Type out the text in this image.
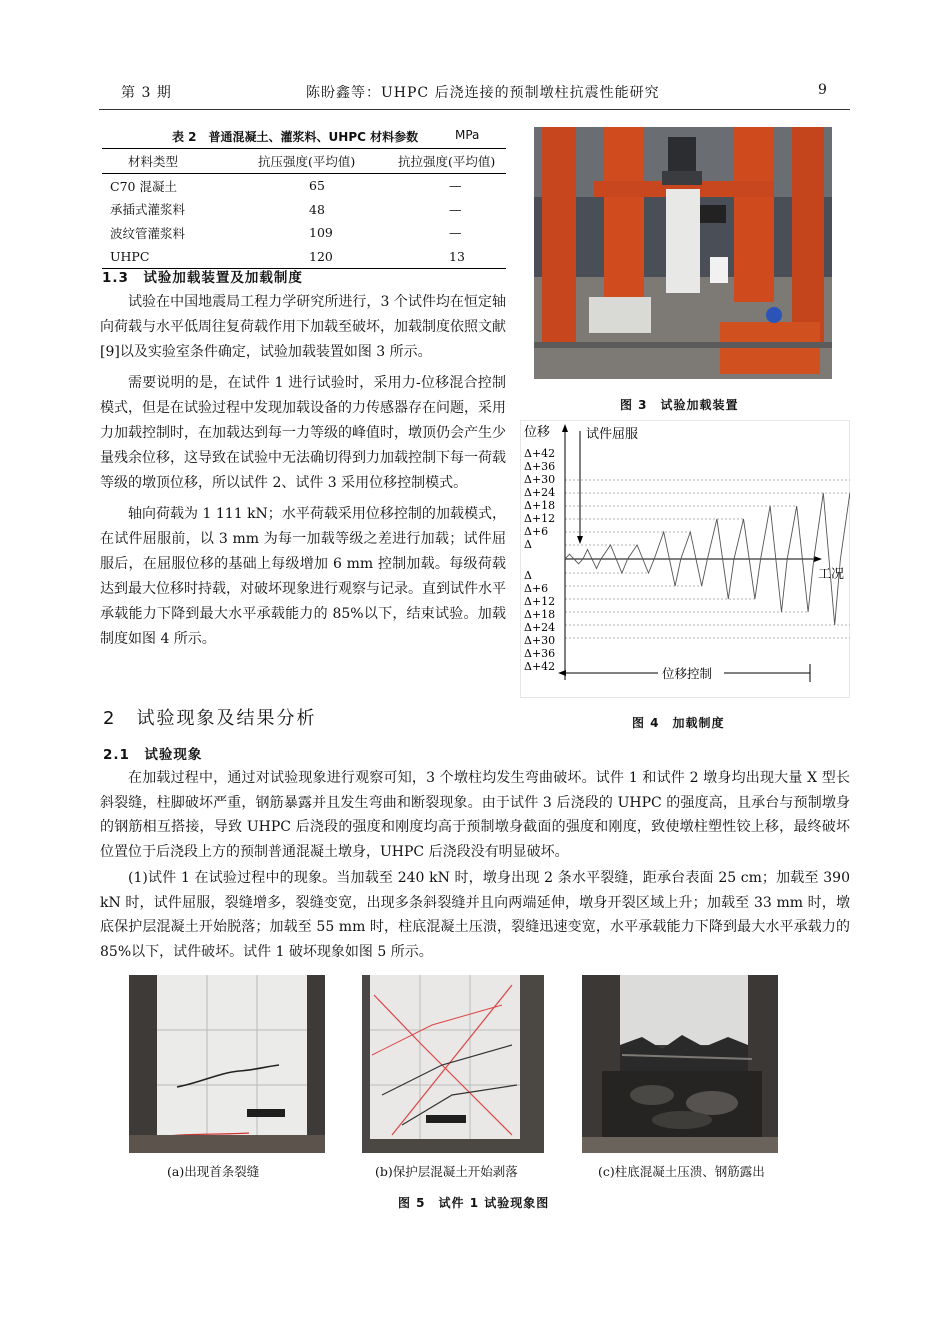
第 3 期	陈盼鑫等：UHPC 后浇连接的预制墩柱抗震性能研究	9
表 2　普通混凝土、灌浆料、UHPC 材料参数	MPa
材料类型	抗压强度(平均值)	抗拉强度(平均值)
C70 混凝土	65	—
承插式灌浆料	48	—
波纹管灌浆料	109	—
UHPC	120	13
1.3　试验加载装置及加载制度

试验在中国地震局工程力学研究所进行，3 个试件均在恒定轴向荷载与水平低周往复荷载作用下加载至破坏，加载制度依照文献[9]以及实验室条件确定，试验加载装置如图 3 所示。

需要说明的是，在试件 1 进行试验时，采用力-位移混合控制模式，但是在试验过程中发现加载设备的力传感器存在问题，采用力加载控制时，在加载达到每一力等级的峰值时，墩顶仍会产生少量残余位移，这导致在试验中无法确切得到力加载控制下每一荷载等级的墩顶位移，所以试件 2、试件 3 采用位移控制模式。

轴向荷载为 1 111 kN；水平荷载采用位移控制的加载模式，在试件屈服前，以 3 mm 为每一加载等级之差进行加载；试件屈服后，在屈服位移的基础上每级增加 6 mm 控制加载。每级荷载达到最大位移时持载，对破坏现象进行观察与记录。直到试件水平承载能力下降到最大水平承载能力的 85%以下，结束试验。加载制度如图 4 所示。

图 3　试验加载装置
Δ+42
Δ+36
Δ+30
Δ+24
Δ+18
Δ+12
Δ+6
Δ
Δ
Δ+6
Δ+12
Δ+18
Δ+24
Δ+30
Δ+36
Δ+42
位移
工况
试件屈服
位移控制
图 4　加载制度
2　试验现象及结果分析
2.1　试验现象

在加载过程中，通过对试验现象进行观察可知，3 个墩柱均发生弯曲破坏。试件 1 和试件 2 墩身均出现大量 X 型长斜裂缝，柱脚破坏严重，钢筋暴露并且发生弯曲和断裂现象。由于试件 3 后浇段的 UHPC 的强度高，且承台与预制墩身的钢筋相互搭接，导致 UHPC 后浇段的强度和刚度均高于预制墩身截面的强度和刚度，致使墩柱塑性铰上移，最终破坏位置位于后浇段上方的预制普通混凝土墩身，UHPC 后浇段没有明显破坏。

(1)试件 1 在试验过程中的现象。当加载至 240 kN 时，墩身出现 2 条水平裂缝，距承台表面 25 cm；加载至 390 kN 时，试件屈服，裂缝增多，裂缝变宽，出现多条斜裂缝并且向两端延伸，墩身开裂区域上升；加载至 33 mm 时，墩底保护层混凝土开始脱落；加载至 55 mm 时，柱底混凝土压溃，裂缝迅速变宽，水平承载能力下降到最大水平承载力的 85%以下，试件破坏。试件 1 破坏现象如图 5 所示。

(a)出现首条裂缝	(b)保护层混凝土开始剥落	(c)柱底混凝土压溃、钢筋露出
图 5　试件 1 试验现象图
